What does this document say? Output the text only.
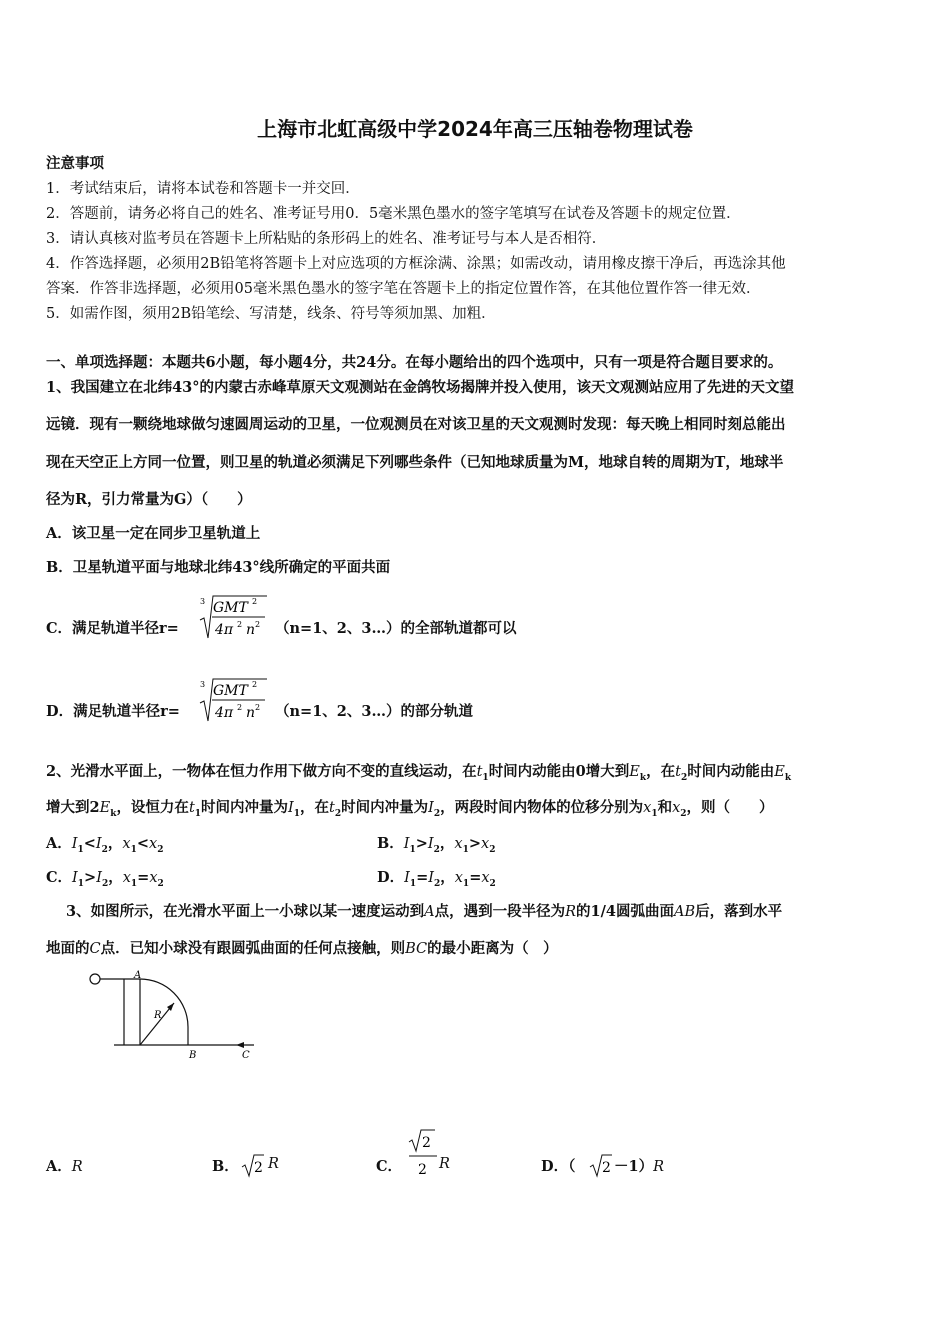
上海市北虹高级中学2024年高三压轴卷物理试卷
注意事项
1．考试结束后，请将本试卷和答题卡一并交回．
2．答题前，请务必将自己的姓名、准考证号用0．5毫米黑色墨水的签字笔填写在试卷及答题卡的规定位置．
3．请认真核对监考员在答题卡上所粘贴的条形码上的姓名、准考证号与本人是否相符．
4．作答选择题，必须用2B铅笔将答题卡上对应选项的方框涂满、涂黑；如需改动，请用橡皮擦干净后，再选涂其他
答案．作答非选择题，必须用05毫米黑色墨水的签字笔在答题卡上的指定位置作答，在其他位置作答一律无效．
5．如需作图，须用2B铅笔绘、写清楚，线条、符号等须加黑、加粗．
一、单项选择题：本题共6小题，每小题4分，共24分。在每小题给出的四个选项中，只有一项是符合题目要求的。
1、我国建立在北纬43°的内蒙古赤峰草原天文观测站在金鸽牧场揭牌并投入使用，该天文观测站应用了先进的天文望
远镜．现有一颗绕地球做匀速圆周运动的卫星，一位观测员在对该卫星的天文观测时发现：每天晚上相同时刻总能出
现在天空正上方同一位置，则卫星的轨道必须满足下列哪些条件（已知地球质量为M，地球自转的周期为T，地球半
径为R，引力常量为G）（　　）
A．该卫星一定在同步卫星轨道上
B．卫星轨道平面与地球北纬43°线所确定的平面共面
C．满足轨道半径r=
3 GMT 2
4π 2 n 2 （n=1、2、3…）的全部轨道都可以
D．满足轨道半径r=
3 GMT 2
4π 2 n 2 （n=1、2、3…）的部分轨道
2、光滑水平面上，一物体在恒力作用下做方向不变的直线运动，在$t_1$时间内动能由0增大到$E_k$，在$t_2$时间内动能由$E_k$
增大到$2E_k$，设恒力在$t_1$时间内冲量为$I_1$，在$t_2$时间内冲量为$I_2$，两段时间内物体的位移分别为$x_1$和$x_2$，则（　　）
A．$I_1<I_2$，$x_1<x_2$	B．$I_1>I_2$，$x_1>x_2$
C．$I_1>I_2$，$x_1=x_2$	D．$I_1=I_2$，$x_1=x_2$
3、如图所示，在光滑水平面上一小球以某一速度运动到A点，遇到一段半径为R的1/4圆弧曲面AB后，落到水平
地面的C点．已知小球没有跟圆弧曲面的任何点接触，则BC的最小距离为（　）
A
R
B	C
A．R	B． 2 R	C．
2
2 R	D．（ 2 －1）R
